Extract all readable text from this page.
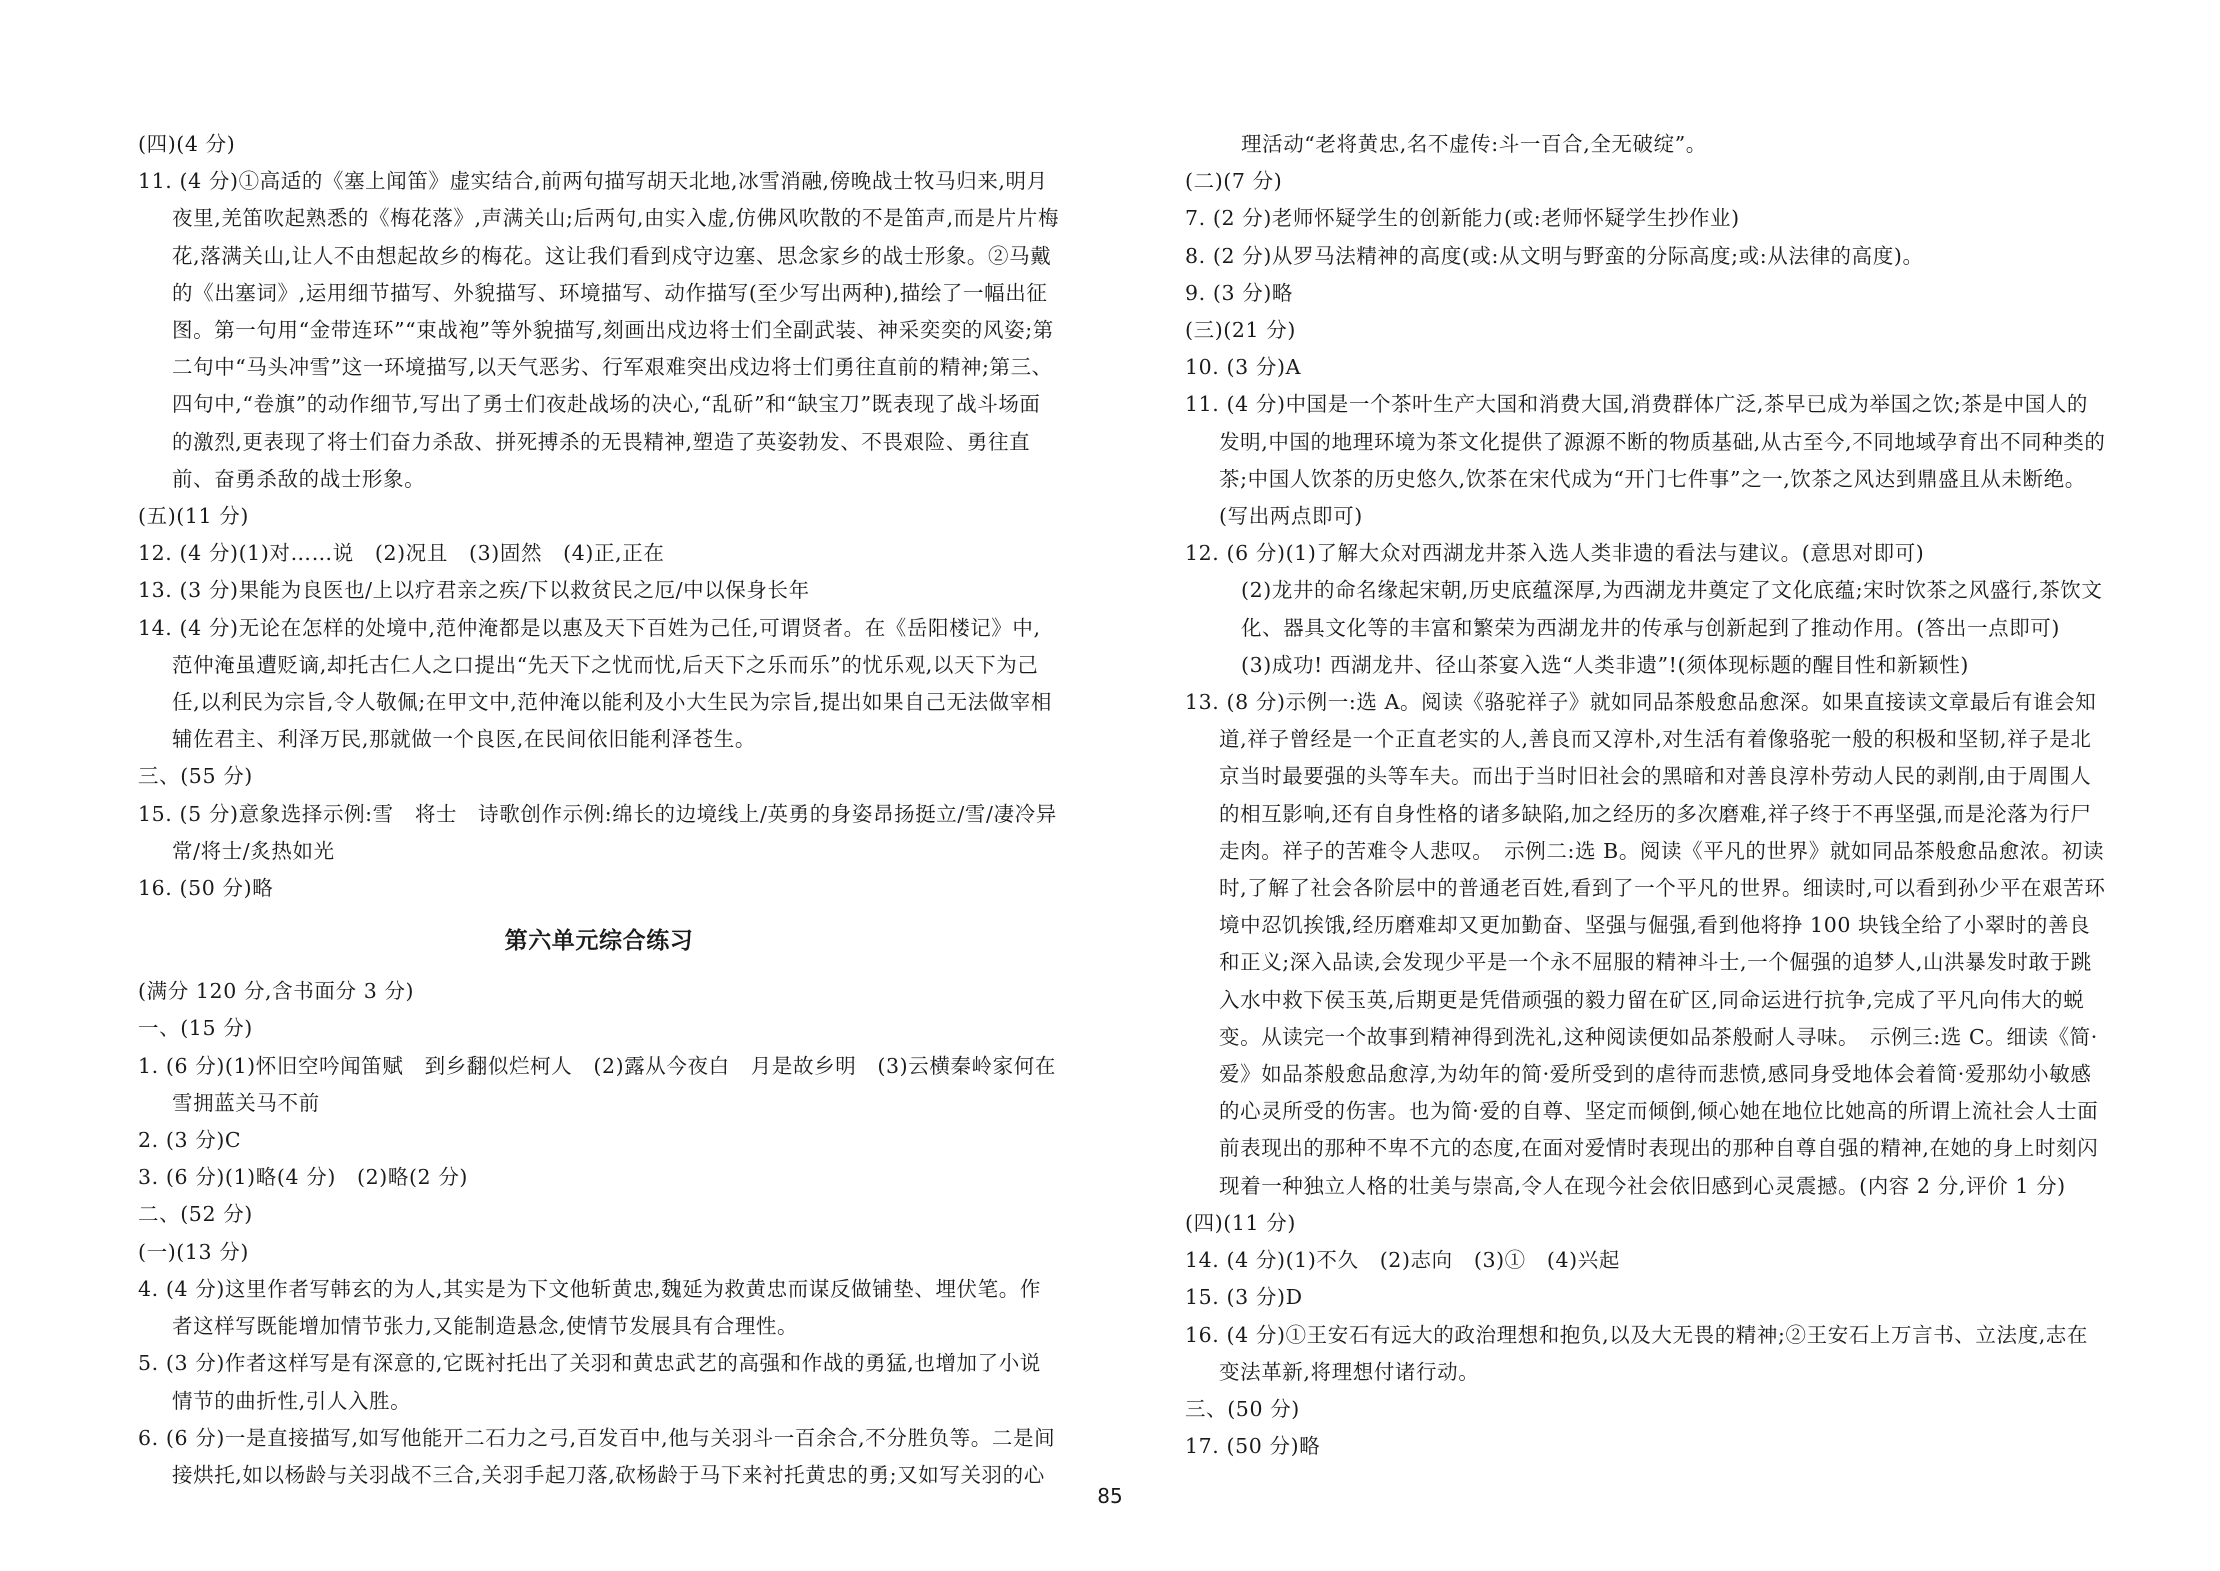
(四)(4 分)

11. (4 分)①高适的《塞上闻笛》虚实结合,前两句描写胡天北地,冰雪消融,傍晚战士牧马归来,明月夜里,羌笛吹起熟悉的《梅花落》,声满关山;后两句,由实入虚,仿佛风吹散的不是笛声,而是片片梅花,落满关山,让人不由想起故乡的梅花。这让我们看到戍守边塞、思念家乡的战士形象。②马戴的《出塞词》,运用细节描写、外貌描写、环境描写、动作描写(至少写出两种),描绘了一幅出征图。第一句用“金带连环”“束战袍”等外貌描写,刻画出戍边将士们全副武装、神采奕奕的风姿;第二句中“马头冲雪”这一环境描写,以天气恶劣、行军艰难突出戍边将士们勇往直前的精神;第三、四句中,“卷旗”的动作细节,写出了勇士们夜赴战场的决心,“乱斫”和“缺宝刀”既表现了战斗场面的激烈,更表现了将士们奋力杀敌、拼死搏杀的无畏精神,塑造了英姿勃发、不畏艰险、勇往直前、奋勇杀敌的战士形象。

(五)(11 分)

12. (4 分)(1)对……说　(2)况且　(3)固然　(4)正,正在

13. (3 分)果能为良医也/上以疗君亲之疾/下以救贫民之厄/中以保身长年

14. (4 分)无论在怎样的处境中,范仲淹都是以惠及天下百姓为己任,可谓贤者。在《岳阳楼记》中,范仲淹虽遭贬谪,却托古仁人之口提出“先天下之忧而忧,后天下之乐而乐”的忧乐观,以天下为己任,以利民为宗旨,令人敬佩;在甲文中,范仲淹以能利及小大生民为宗旨,提出如果自己无法做宰相辅佐君主、利泽万民,那就做一个良医,在民间依旧能利泽苍生。

三、(55 分)

15. (5 分)意象选择示例:雪　将士　诗歌创作示例:绵长的边境线上/英勇的身姿昂扬挺立/雪/凄冷异常/将士/炙热如光

16. (50 分)略

第六单元综合练习

(满分 120 分,含书面分 3 分)

一、(15 分)

1. (6 分)(1)怀旧空吟闻笛赋　到乡翻似烂柯人　(2)露从今夜白　月是故乡明　(3)云横秦岭家何在　雪拥蓝关马不前

2. (3 分)C

3. (6 分)(1)略(4 分)　(2)略(2 分)

二、(52 分)

(一)(13 分)

4. (4 分)这里作者写韩玄的为人,其实是为下文他斩黄忠,魏延为救黄忠而谋反做铺垫、埋伏笔。作者这样写既能增加情节张力,又能制造悬念,使情节发展具有合理性。

5. (3 分)作者这样写是有深意的,它既衬托出了关羽和黄忠武艺的高强和作战的勇猛,也增加了小说情节的曲折性,引人入胜。

6. (6 分)一是直接描写,如写他能开二石力之弓,百发百中,他与关羽斗一百余合,不分胜负等。二是间接烘托,如以杨龄与关羽战不三合,关羽手起刀落,砍杨龄于马下来衬托黄忠的勇;又如写关羽的心

理活动“老将黄忠,名不虚传:斗一百合,全无破绽”。

(二)(7 分)

7. (2 分)老师怀疑学生的创新能力(或:老师怀疑学生抄作业)

8. (2 分)从罗马法精神的高度(或:从文明与野蛮的分际高度;或:从法律的高度)。

9. (3 分)略

(三)(21 分)

10. (3 分)A

11. (4 分)中国是一个茶叶生产大国和消费大国,消费群体广泛,茶早已成为举国之饮;茶是中国人的发明,中国的地理环境为茶文化提供了源源不断的物质基础,从古至今,不同地域孕育出不同种类的茶;中国人饮茶的历史悠久,饮茶在宋代成为“开门七件事”之一,饮茶之风达到鼎盛且从未断绝。(写出两点即可)

12. (6 分)(1)了解大众对西湖龙井茶入选人类非遗的看法与建议。(意思对即可)

(2)龙井的命名缘起宋朝,历史底蕴深厚,为西湖龙井奠定了文化底蕴;宋时饮茶之风盛行,茶饮文化、器具文化等的丰富和繁荣为西湖龙井的传承与创新起到了推动作用。(答出一点即可)

(3)成功! 西湖龙井、径山茶宴入选“人类非遗”!(须体现标题的醒目性和新颖性)

13. (8 分)示例一:选 A。阅读《骆驼祥子》就如同品茶般愈品愈深。如果直接读文章最后有谁会知道,祥子曾经是一个正直老实的人,善良而又淳朴,对生活有着像骆驼一般的积极和坚韧,祥子是北京当时最要强的头等车夫。而出于当时旧社会的黑暗和对善良淳朴劳动人民的剥削,由于周围人的相互影响,还有自身性格的诸多缺陷,加之经历的多次磨难,祥子终于不再坚强,而是沦落为行尸走肉。祥子的苦难令人悲叹。　示例二:选 B。阅读《平凡的世界》就如同品茶般愈品愈浓。初读时,了解了社会各阶层中的普通老百姓,看到了一个平凡的世界。细读时,可以看到孙少平在艰苦环境中忍饥挨饿,经历磨难却又更加勤奋、坚强与倔强,看到他将挣 100 块钱全给了小翠时的善良和正义;深入品读,会发现少平是一个永不屈服的精神斗士,一个倔强的追梦人,山洪暴发时敢于跳入水中救下侯玉英,后期更是凭借顽强的毅力留在矿区,同命运进行抗争,完成了平凡向伟大的蜕变。从读完一个故事到精神得到洗礼,这种阅读便如品茶般耐人寻味。　示例三:选 C。细读《简·爱》如品茶般愈品愈淳,为幼年的简·爱所受到的虐待而悲愤,感同身受地体会着简·爱那幼小敏感的心灵所受的伤害。也为简·爱的自尊、坚定而倾倒,倾心她在地位比她高的所谓上流社会人士面前表现出的那种不卑不亢的态度,在面对爱情时表现出的那种自尊自强的精神,在她的身上时刻闪现着一种独立人格的壮美与崇高,令人在现今社会依旧感到心灵震撼。(内容 2 分,评价 1 分)

(四)(11 分)

14. (4 分)(1)不久　(2)志向　(3)①　(4)兴起

15. (3 分)D

16. (4 分)①王安石有远大的政治理想和抱负,以及大无畏的精神;②王安石上万言书、立法度,志在变法革新,将理想付诸行动。

三、(50 分)

17. (50 分)略

85
